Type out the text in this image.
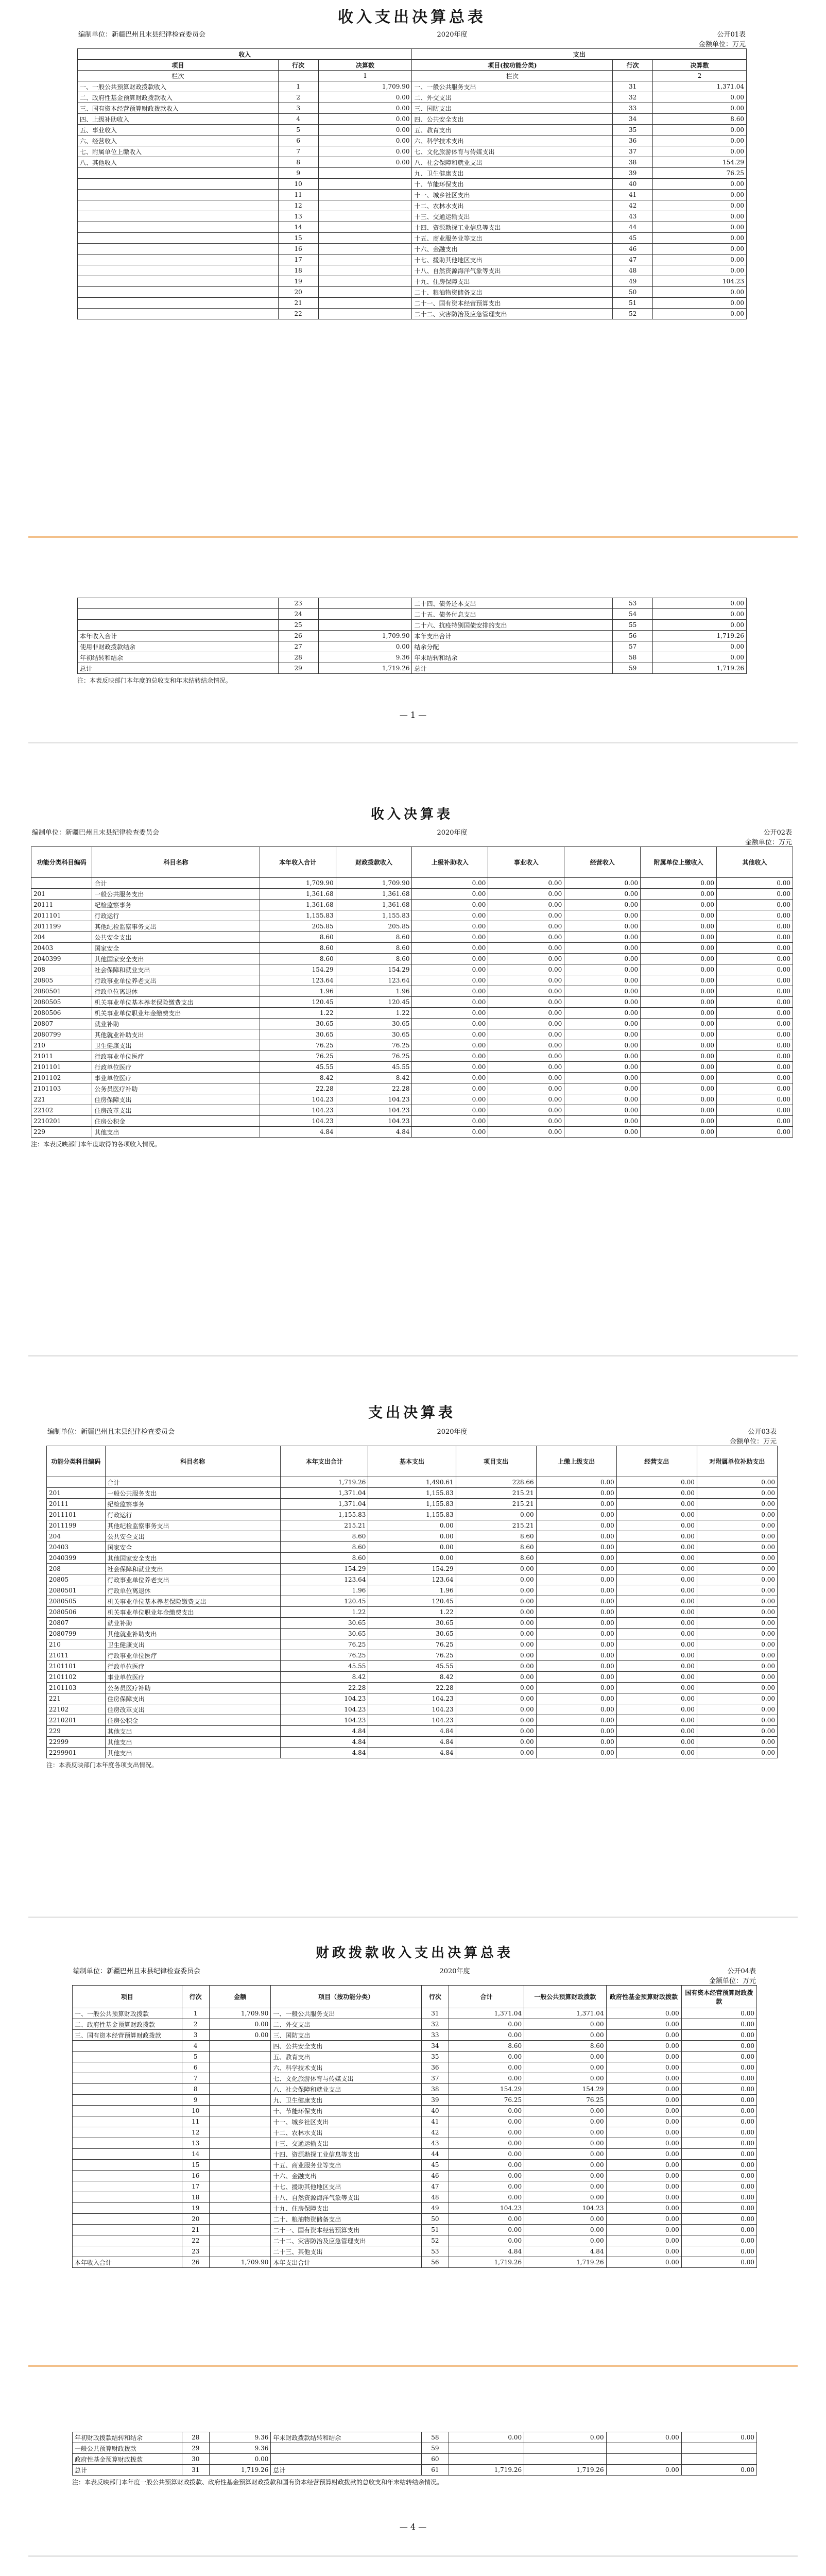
收入支出决算总表
编制单位：新疆巴州且末县纪律检查委员会	2020年度	公开01表
金额单位：万元
收入			支出		
项目	行次	决算数	项目(按功能分类)	行次	决算数
栏次		1	栏次		2
一、一般公共预算财政拨款收入	1	1,709.90	一、一般公共服务支出	31	1,371.04
二、政府性基金预算财政拨款收入	2	0.00	二、外交支出	32	0.00
三、国有资本经营预算财政拨款收入	3	0.00	三、国防支出	33	0.00
四、上级补助收入	4	0.00	四、公共安全支出	34	8.60
五、事业收入	5	0.00	五、教育支出	35	0.00
六、经营收入	6	0.00	六、科学技术支出	36	0.00
七、附属单位上缴收入	7	0.00	七、文化旅游体育与传媒支出	37	0.00
八、其他收入	8	0.00	八、社会保障和就业支出	38	154.29
	9		九、卫生健康支出	39	76.25
	10		十、节能环保支出	40	0.00
	11		十一、城乡社区支出	41	0.00
	12		十二、农林水支出	42	0.00
	13		十三、交通运输支出	43	0.00
	14		十四、资源勘探工业信息等支出	44	0.00
	15		十五、商业服务业等支出	45	0.00
	16		十六、金融支出	46	0.00
	17		十七、援助其他地区支出	47	0.00
	18		十八、自然资源海洋气象等支出	48	0.00
	19		十九、住房保障支出	49	104.23
	20		二十、粮油物资储备支出	50	0.00
	21		二十一、国有资本经营预算支出	51	0.00
	22		二十二、灾害防治及应急管理支出	52	0.00
	23		二十四、债务还本支出	53	0.00
	24		二十五、债务付息支出	54	0.00
	25		二十六、抗疫特别国债安排的支出	55	0.00
本年收入合计	26	1,709.90	本年支出合计	56	1,719.26
使用非财政拨款结余	27	0.00	结余分配	57	0.00
年初结转和结余	28	9.36	年末结转和结余	58	0.00
总计	29	1,719.26	总计	59	1,719.26
注：本表反映部门本年度的总收支和年末结转结余情况。
— 1 —
收入决算表
编制单位：新疆巴州且末县纪律检查委员会	2020年度	公开02表
金额单位：万元
功能分类科目编码	科目名称	本年收入合计	财政拨款收入	上级补助收入	事业收入	经营收入	附属单位上缴收入	其他收入
	合计	1,709.90	1,709.90	0.00	0.00	0.00	0.00	0.00
201	一般公共服务支出	1,361.68	1,361.68	0.00	0.00	0.00	0.00	0.00
20111	纪检监察事务	1,361.68	1,361.68	0.00	0.00	0.00	0.00	0.00
2011101	行政运行	1,155.83	1,155.83	0.00	0.00	0.00	0.00	0.00
2011199	其他纪检监察事务支出	205.85	205.85	0.00	0.00	0.00	0.00	0.00
204	公共安全支出	8.60	8.60	0.00	0.00	0.00	0.00	0.00
20403	国家安全	8.60	8.60	0.00	0.00	0.00	0.00	0.00
2040399	其他国家安全支出	8.60	8.60	0.00	0.00	0.00	0.00	0.00
208	社会保障和就业支出	154.29	154.29	0.00	0.00	0.00	0.00	0.00
20805	行政事业单位养老支出	123.64	123.64	0.00	0.00	0.00	0.00	0.00
2080501	行政单位离退休	1.96	1.96	0.00	0.00	0.00	0.00	0.00
2080505	机关事业单位基本养老保险缴费支出	120.45	120.45	0.00	0.00	0.00	0.00	0.00
2080506	机关事业单位职业年金缴费支出	1.22	1.22	0.00	0.00	0.00	0.00	0.00
20807	就业补助	30.65	30.65	0.00	0.00	0.00	0.00	0.00
2080799	其他就业补助支出	30.65	30.65	0.00	0.00	0.00	0.00	0.00
210	卫生健康支出	76.25	76.25	0.00	0.00	0.00	0.00	0.00
21011	行政事业单位医疗	76.25	76.25	0.00	0.00	0.00	0.00	0.00
2101101	行政单位医疗	45.55	45.55	0.00	0.00	0.00	0.00	0.00
2101102	事业单位医疗	8.42	8.42	0.00	0.00	0.00	0.00	0.00
2101103	公务员医疗补助	22.28	22.28	0.00	0.00	0.00	0.00	0.00
221	住房保障支出	104.23	104.23	0.00	0.00	0.00	0.00	0.00
22102	住房改革支出	104.23	104.23	0.00	0.00	0.00	0.00	0.00
2210201	住房公积金	104.23	104.23	0.00	0.00	0.00	0.00	0.00
229	其他支出	4.84	4.84	0.00	0.00	0.00	0.00	0.00
注：本表反映部门本年度取得的各项收入情况。
支出决算表
编制单位：新疆巴州且末县纪律检查委员会	2020年度	公开03表
金额单位：万元
功能分类科目编码	科目名称	本年支出合计	基本支出	项目支出	上缴上级支出	经营支出	对附属单位补助支出
	合计	1,719.26	1,490.61	228.66	0.00	0.00	0.00
201	一般公共服务支出	1,371.04	1,155.83	215.21	0.00	0.00	0.00
20111	纪检监察事务	1,371.04	1,155.83	215.21	0.00	0.00	0.00
2011101	行政运行	1,155.83	1,155.83	0.00	0.00	0.00	0.00
2011199	其他纪检监察事务支出	215.21	0.00	215.21	0.00	0.00	0.00
204	公共安全支出	8.60	0.00	8.60	0.00	0.00	0.00
20403	国家安全	8.60	0.00	8.60	0.00	0.00	0.00
2040399	其他国家安全支出	8.60	0.00	8.60	0.00	0.00	0.00
208	社会保障和就业支出	154.29	154.29	0.00	0.00	0.00	0.00
20805	行政事业单位养老支出	123.64	123.64	0.00	0.00	0.00	0.00
2080501	行政单位离退休	1.96	1.96	0.00	0.00	0.00	0.00
2080505	机关事业单位基本养老保险缴费支出	120.45	120.45	0.00	0.00	0.00	0.00
2080506	机关事业单位职业年金缴费支出	1.22	1.22	0.00	0.00	0.00	0.00
20807	就业补助	30.65	30.65	0.00	0.00	0.00	0.00
2080799	其他就业补助支出	30.65	30.65	0.00	0.00	0.00	0.00
210	卫生健康支出	76.25	76.25	0.00	0.00	0.00	0.00
21011	行政事业单位医疗	76.25	76.25	0.00	0.00	0.00	0.00
2101101	行政单位医疗	45.55	45.55	0.00	0.00	0.00	0.00
2101102	事业单位医疗	8.42	8.42	0.00	0.00	0.00	0.00
2101103	公务员医疗补助	22.28	22.28	0.00	0.00	0.00	0.00
221	住房保障支出	104.23	104.23	0.00	0.00	0.00	0.00
22102	住房改革支出	104.23	104.23	0.00	0.00	0.00	0.00
2210201	住房公积金	104.23	104.23	0.00	0.00	0.00	0.00
229	其他支出	4.84	4.84	0.00	0.00	0.00	0.00
22999	其他支出	4.84	4.84	0.00	0.00	0.00	0.00
2299901	其他支出	4.84	4.84	0.00	0.00	0.00	0.00
注：本表反映部门本年度各项支出情况。
财政拨款收入支出决算总表
编制单位：新疆巴州且末县纪律检查委员会	2020年度	公开04表
金额单位：万元
项目	行次	金额	项目（按功能分类）	行次	合计	一般公共预算财政拨款	政府性基金预算财政拨款	国有资本经营预算财政拨款
一、一般公共预算财政拨款	1	1,709.90	一、一般公共服务支出	31	1,371.04	1,371.04	0.00	0.00
二、政府性基金预算财政拨款	2	0.00	二、外交支出	32	0.00	0.00	0.00	0.00
三、国有资本经营预算财政拨款	3	0.00	三、国防支出	33	0.00	0.00	0.00	0.00
	4		四、公共安全支出	34	8.60	8.60	0.00	0.00
	5		五、教育支出	35	0.00	0.00	0.00	0.00
	6		六、科学技术支出	36	0.00	0.00	0.00	0.00
	7		七、文化旅游体育与传媒支出	37	0.00	0.00	0.00	0.00
	8		八、社会保障和就业支出	38	154.29	154.29	0.00	0.00
	9		九、卫生健康支出	39	76.25	76.25	0.00	0.00
	10		十、节能环保支出	40	0.00	0.00	0.00	0.00
	11		十一、城乡社区支出	41	0.00	0.00	0.00	0.00
	12		十二、农林水支出	42	0.00	0.00	0.00	0.00
	13		十三、交通运输支出	43	0.00	0.00	0.00	0.00
	14		十四、资源勘探工业信息等支出	44	0.00	0.00	0.00	0.00
	15		十五、商业服务业等支出	45	0.00	0.00	0.00	0.00
	16		十六、金融支出	46	0.00	0.00	0.00	0.00
	17		十七、援助其他地区支出	47	0.00	0.00	0.00	0.00
	18		十八、自然资源海洋气象等支出	48	0.00	0.00	0.00	0.00
	19		十九、住房保障支出	49	104.23	104.23	0.00	0.00
	20		二十、粮油物资储备支出	50	0.00	0.00	0.00	0.00
	21		二十一、国有资本经营预算支出	51	0.00	0.00	0.00	0.00
	22		二十二、灾害防治及应急管理支出	52	0.00	0.00	0.00	0.00
	23		二十三、其他支出	53	4.84	4.84	0.00	0.00
本年收入合计	26	1,709.90	本年支出合计	56	1,719.26	1,719.26	0.00	0.00
年初财政拨款结转和结余	28	9.36	年末财政拨款结转和结余	58	0.00	0.00	0.00	0.00
一般公共预算财政拨款	29	9.36		59				
政府性基金预算财政拨款	30	0.00		60				
总计	31	1,719.26	总计	61	1,719.26	1,719.26	0.00	0.00
注：本表反映部门本年度一般公共预算财政拨款、政府性基金预算财政拨款和国有资本经营预算财政拨款的总收支和年末结转结余情况。
— 4 —
